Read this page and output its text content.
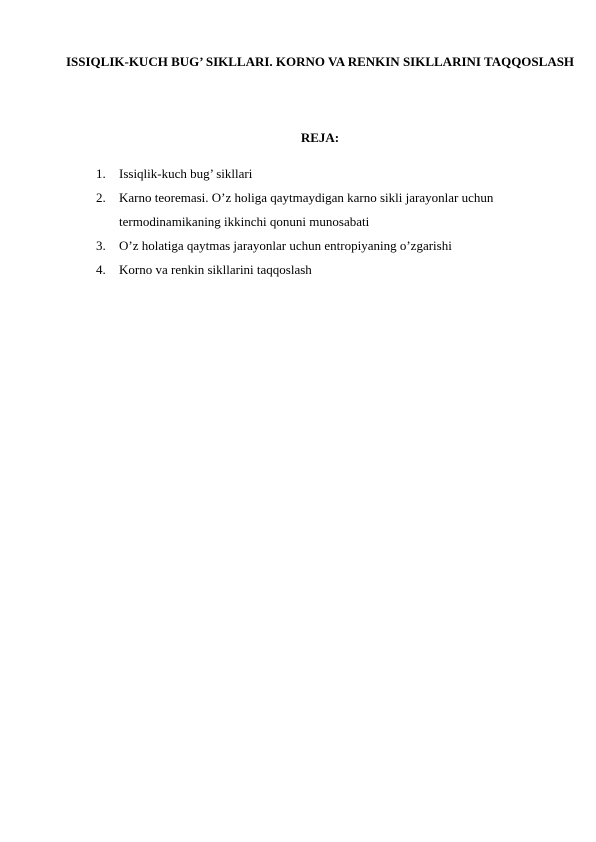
ISSIQLIK-KUCH BUG’ SIKLLARI. KORNO VA RENKIN SIKLLARINI TAQQOSLASH
REJA:
1. Issiqlik-kuch bug’ sikllari
2. Karno teoremasi. O’z holiga qaytmaydigan karno sikli jarayonlar uchun termodinamikaning ikkinchi qonuni munosabati
3. O’z holatiga qaytmas jarayonlar uchun entropiyaning o’zgarishi
4. Korno va renkin sikllarini taqqoslash
